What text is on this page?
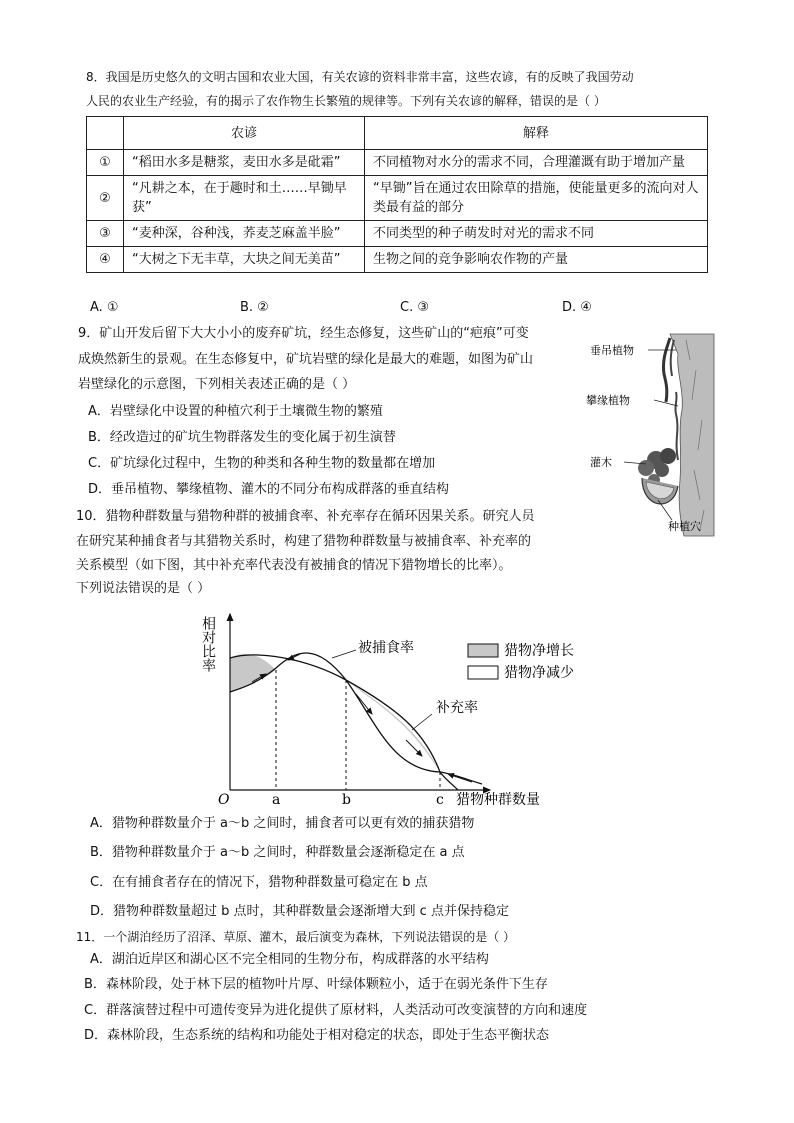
8．我国是历史悠久的文明古国和农业大国，有关农谚的资料非常丰富，这些农谚，有的反映了我国劳动
人民的农业生产经验，有的揭示了农作物生长繁殖的规律等。下列有关农谚的解释，错误的是（ ）
	农谚	解释
①	“稻田水多是糖浆，麦田水多是砒霜”	不同植物对水分的需求不同，合理灌溉有助于增加产量
②	“凡耕之本，在于趣时和土……早锄早获”	“早锄”旨在通过农田除草的措施，使能量更多的流向对人类最有益的部分
③	“麦种深，谷种浅，荞麦芝麻盖半脸”	不同类型的种子萌发时对光的需求不同
④	“大树之下无丰草，大块之间无美苗”	生物之间的竞争影响农作物的产量
A. ①	B. ②	C. ③	D. ④
9．矿山开发后留下大大小小的废弃矿坑，经生态修复，这些矿山的“疤痕”可变
成焕然新生的景观。在生态修复中，矿坑岩壁的绿化是最大的难题，如图为矿山
岩壁绿化的示意图，下列相关表述正确的是（ ）
A．岩壁绿化中设置的种植穴利于土壤微生物的繁殖
B．经改造过的矿坑生物群落发生的变化属于初生演替
C．矿坑绿化过程中，生物的种类和各种生物的数量都在增加
D．垂吊植物、攀缘植物、灌木的不同分布构成群落的垂直结构
垂吊植物
攀缘植物
灌木
种植穴
10．猎物种群数量与猎物种群的被捕食率、补充率存在循环因果关系。研究人员
在研究某种捕食者与其猎物关系时，构建了猎物种群数量与被捕食率、补充率的
关系模型（如下图，其中补充率代表没有被捕食的情况下猎物增长的比率）。
下列说法错误的是（ ）
被捕食率
补充率
猎物种群数量
相对比率
O	a	b	c
猎物净增长
猎物净减少
A．猎物种群数量介于 a～b 之间时，捕食者可以更有效的捕获猎物
B．猎物种群数量介于 a～b 之间时，种群数量会逐渐稳定在 a 点
C．在有捕食者存在的情况下，猎物种群数量可稳定在 b 点
D．猎物种群数量超过 b 点时，其种群数量会逐渐增大到 c 点并保持稳定
11．一个湖泊经历了沼泽、草原、灌木，最后演变为森林，下列说法错误的是（ ）
A．湖泊近岸区和湖心区不完全相同的生物分布，构成群落的水平结构
B．森林阶段，处于林下层的植物叶片厚、叶绿体颗粒小，适于在弱光条件下生存
C．群落演替过程中可遗传变异为进化提供了原材料，人类活动可改变演替的方向和速度
D．森林阶段，生态系统的结构和功能处于相对稳定的状态，即处于生态平衡状态
